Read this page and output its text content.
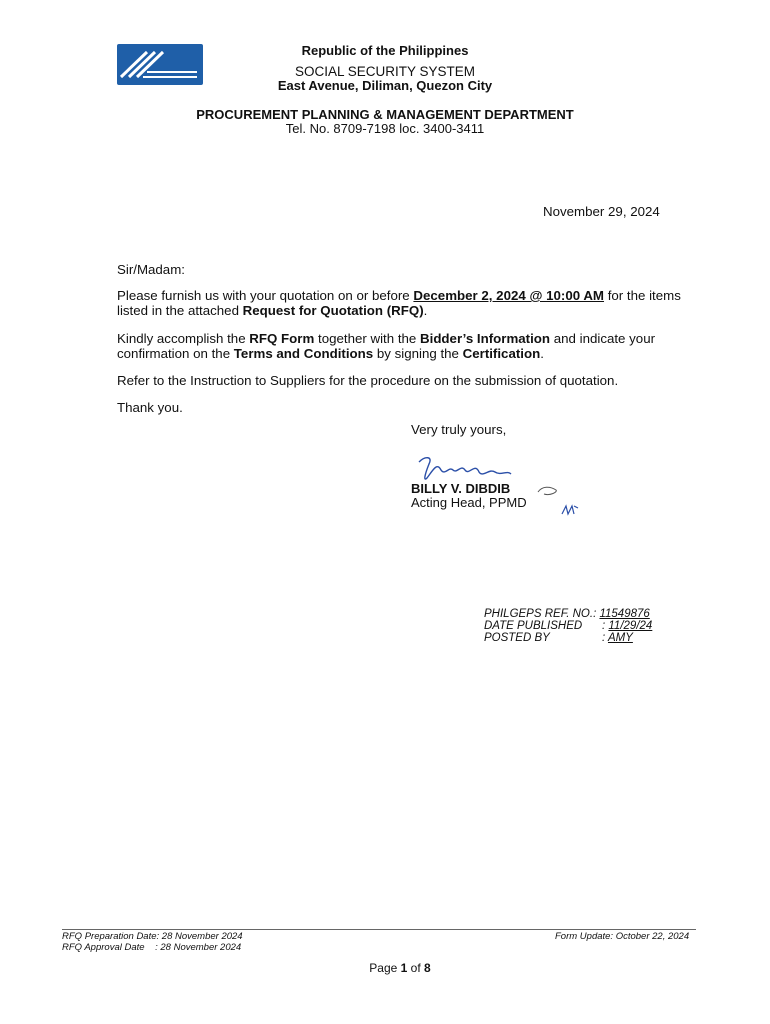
Republic of the Philippines
SOCIAL SECURITY SYSTEM
East Avenue, Diliman, Quezon City
PROCUREMENT PLANNING & MANAGEMENT DEPARTMENT
Tel. No. 8709-7198 loc. 3400-3411
November 29, 2024
Sir/Madam:

Please furnish us with your quotation on or before December 2, 2024 @ 10:00 AM for the items listed in the attached Request for Quotation (RFQ).

Kindly accomplish the RFQ Form together with the Bidder’s Information and indicate your confirmation on the Terms and Conditions by signing the Certification.

Refer to the Instruction to Suppliers for the procedure on the submission of quotation.
Thank you.
Very truly yours,
BILLY V. DIBDIB
Acting Head, PPMD
PHILGEPS REF. NO.: 11549876
DATE PUBLISHED : 11/29/24
POSTED BY	: AMY
RFQ Preparation Date: 28 November 2024
RFQ Approval Date    : 28 November 2024
Form Update: October 22, 2024
Page 1 of 8
